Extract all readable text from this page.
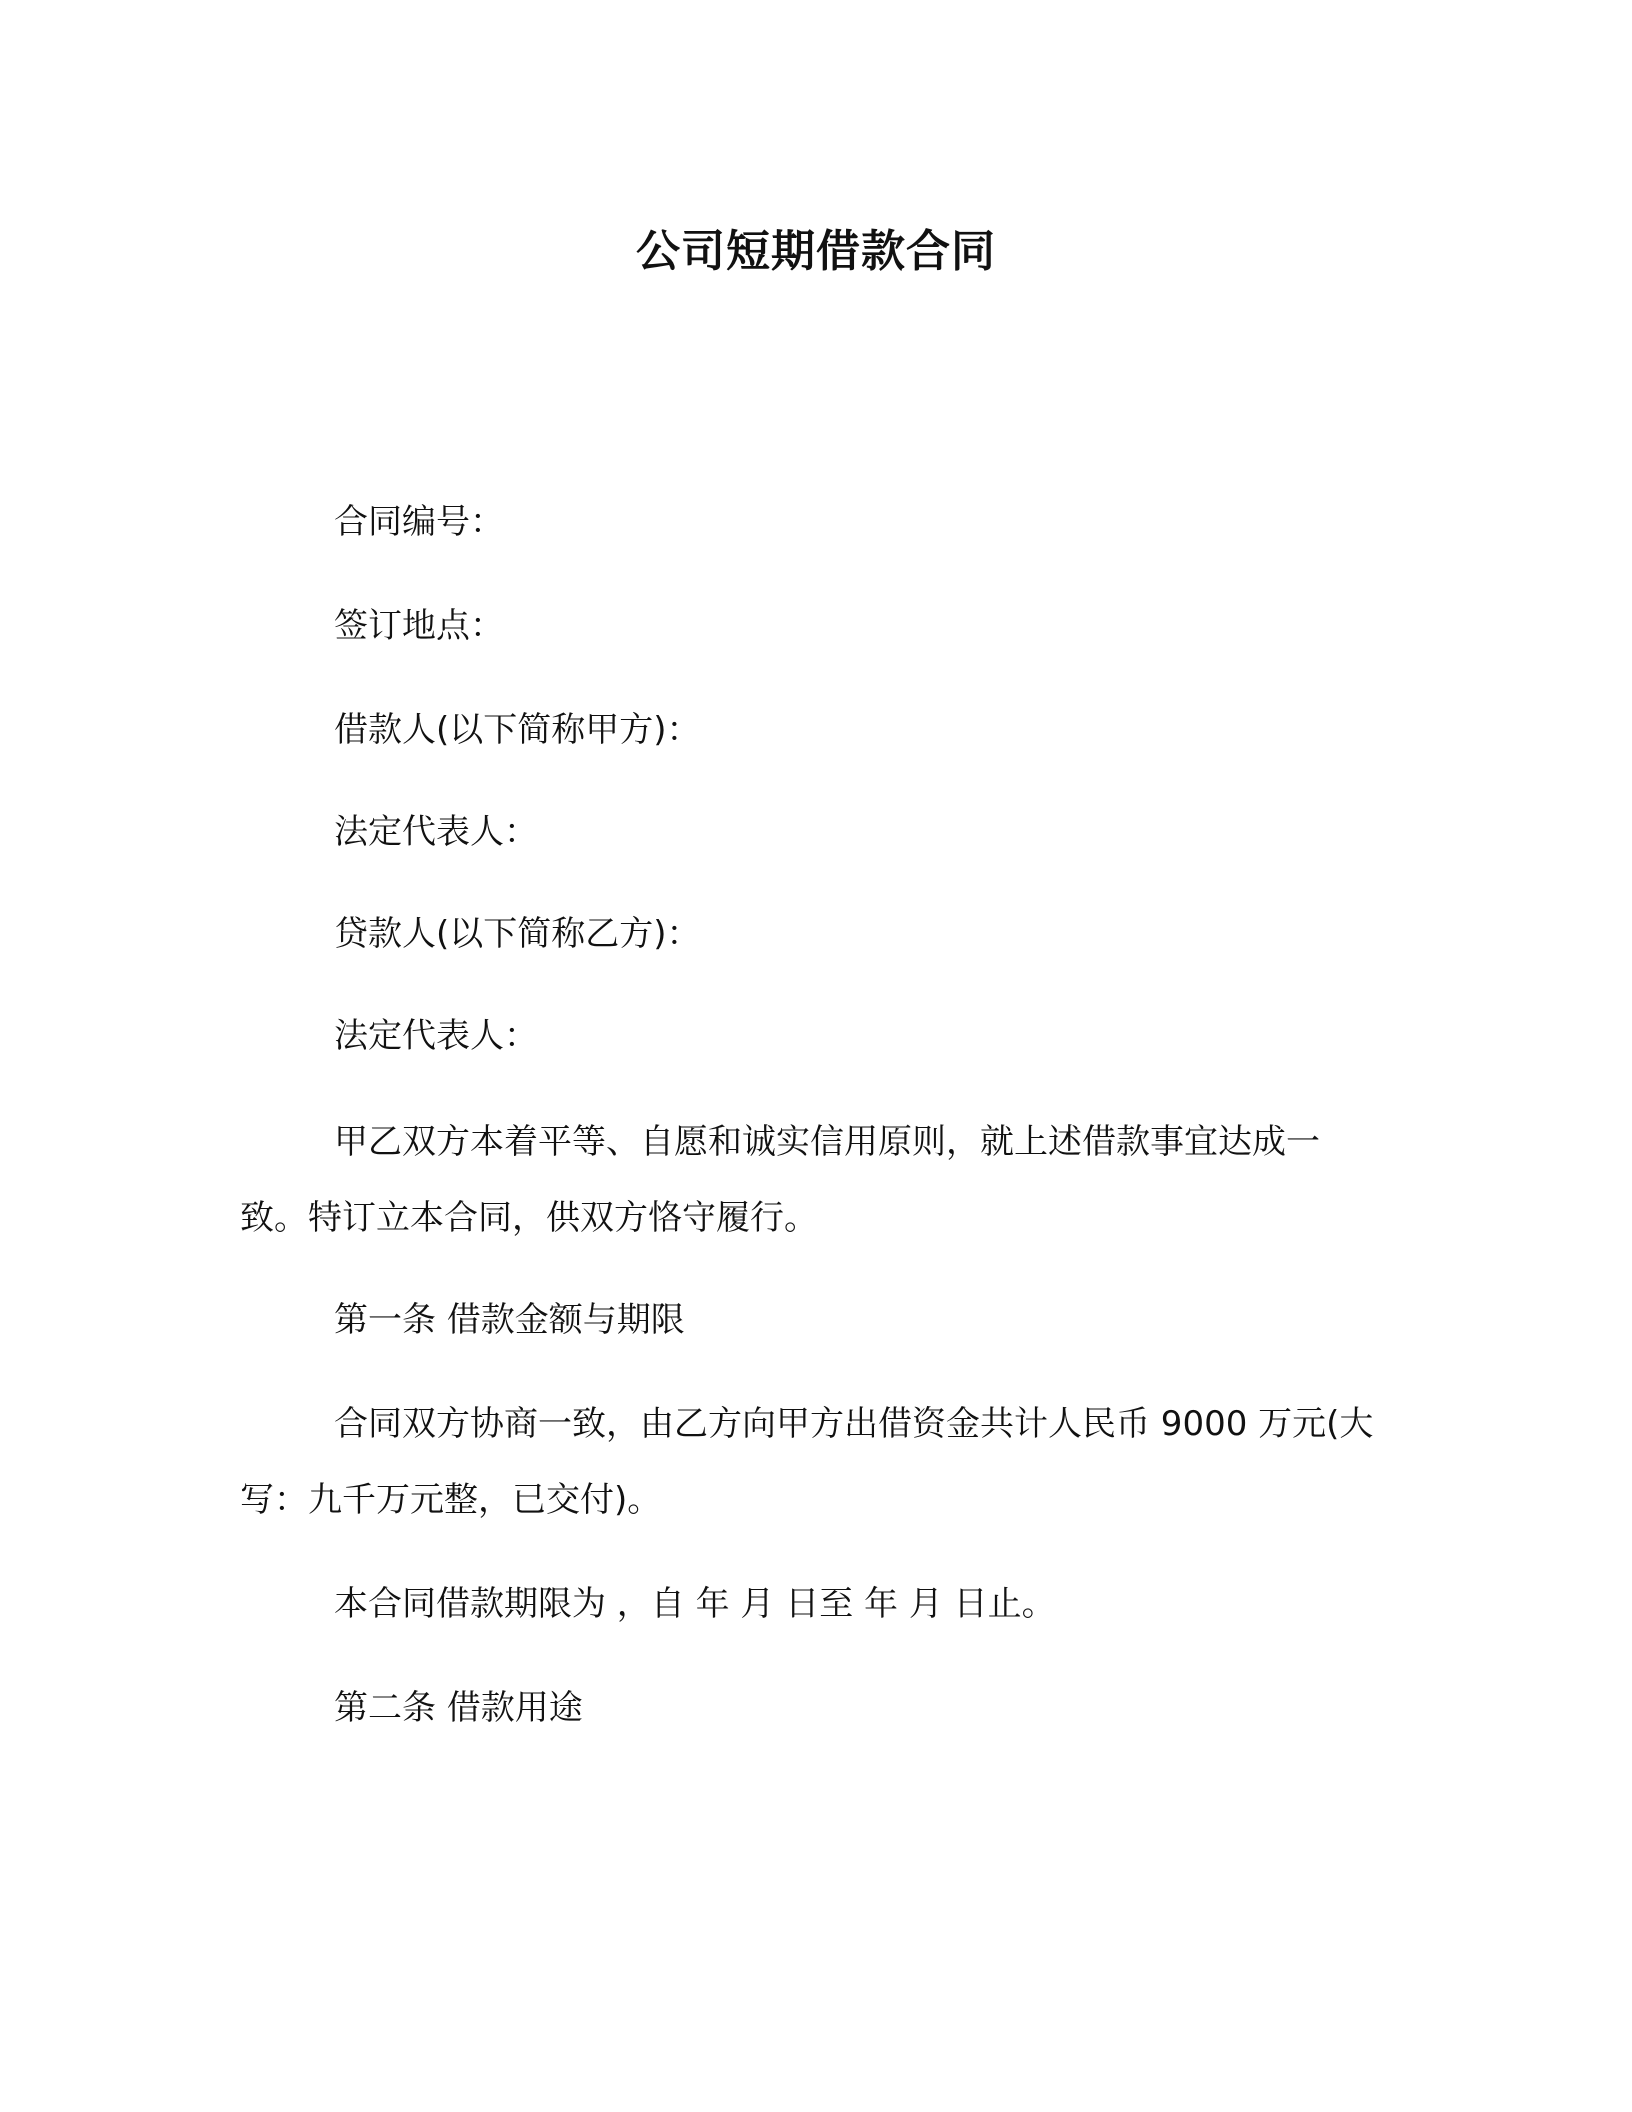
公司短期借款合同
合同编号：
签订地点：
借款人(以下简称甲方)：
法定代表人：
贷款人(以下简称乙方)：
法定代表人：
甲乙双方本着平等、自愿和诚实信用原则，就上述借款事宜达成一致。特订立本合同，供双方恪守履行。
第一条 借款金额与期限
合同双方协商一致，由乙方向甲方出借资金共计人民币 9000 万元(大写：九千万元整，已交付)。
本合同借款期限为 ，自 年 月 日至 年 月 日止。
第二条 借款用途
